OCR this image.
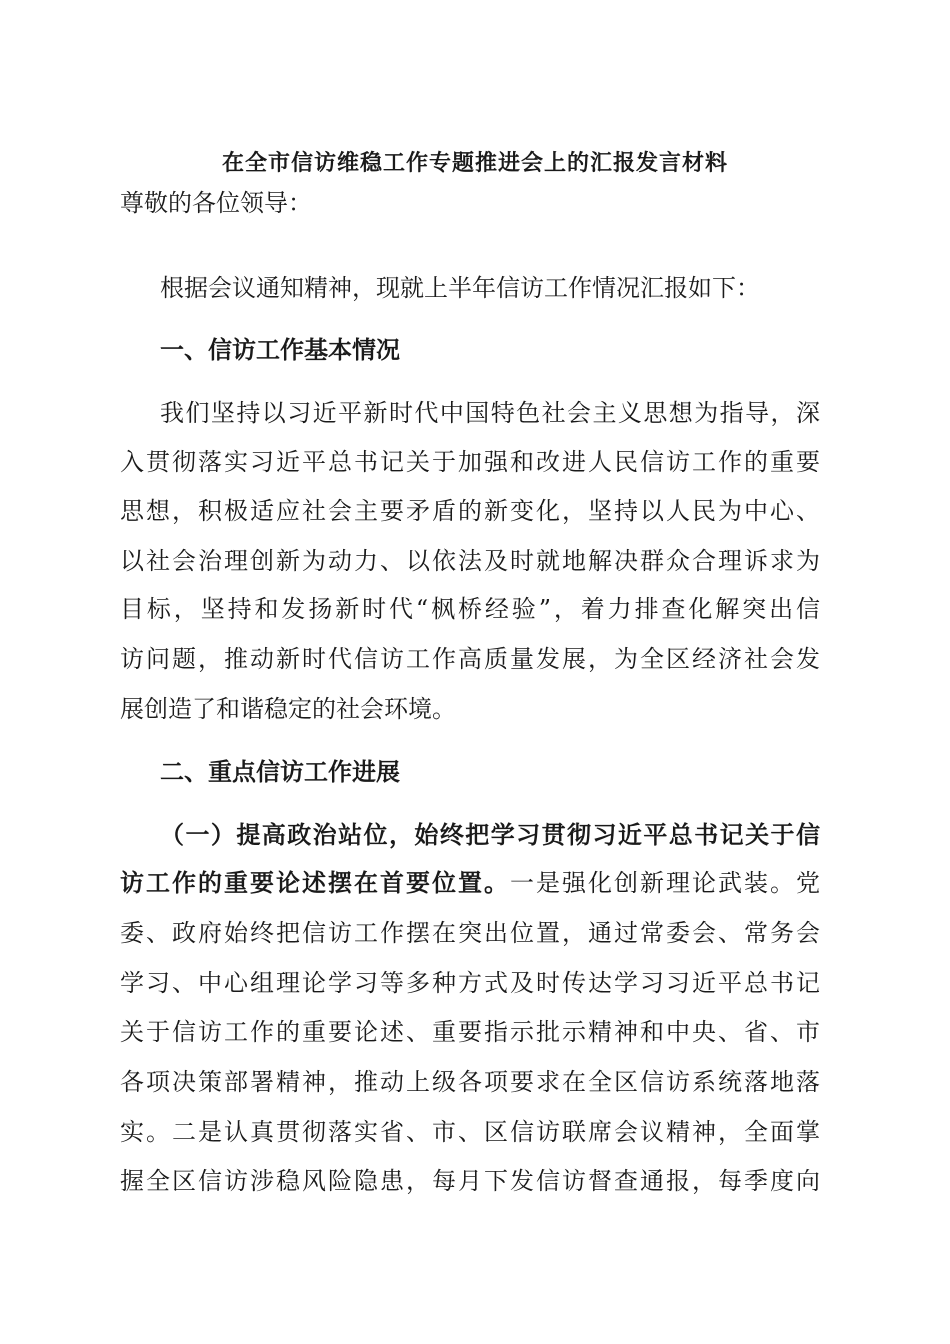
在全市信访维稳工作专题推进会上的汇报发言材料
尊敬的各位领导：
根据会议通知精神，现就上半年信访工作情况汇报如下：
一、信访工作基本情况
我们坚持以习近平新时代中国特色社会主义思想为指导，深
入贯彻落实习近平总书记关于加强和改进人民信访工作的重要
思想，积极适应社会主要矛盾的新变化，坚持以人民为中心、
以社会治理创新为动力、以依法及时就地解决群众合理诉求为
目标，坚持和发扬新时代“枫桥经验”，着力排查化解突出信
访问题，推动新时代信访工作高质量发展，为全区经济社会发
展创造了和谐稳定的社会环境。
二、重点信访工作进展
（一）提高政治站位，始终把学习贯彻习近平总书记关于信
访工作的重要论述摆在首要位置。一是强化创新理论武装。党
委、政府始终把信访工作摆在突出位置，通过常委会、常务会
学习、中心组理论学习等多种方式及时传达学习习近平总书记
关于信访工作的重要论述、重要指示批示精神和中央、省、市
各项决策部署精神，推动上级各项要求在全区信访系统落地落
实。二是认真贯彻落实省、市、区信访联席会议精神，全面掌
握全区信访涉稳风险隐患，每月下发信访督查通报，每季度向
